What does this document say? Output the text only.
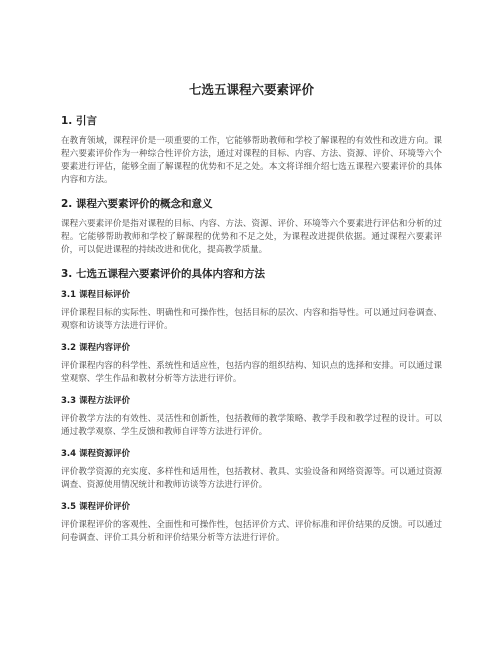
七选五课程六要素评价
1. 引言

在教育领域，课程评价是一项重要的工作，它能够帮助教师和学校了解课程的有效性和改进方向。课程六要素评价作为一种综合性评价方法，通过对课程的目标、内容、方法、资源、评价、环境等六个要素进行评估，能够全面了解课程的优势和不足之处。本文将详细介绍七选五课程六要素评价的具体内容和方法。

2. 课程六要素评价的概念和意义

课程六要素评价是指对课程的目标、内容、方法、资源、评价、环境等六个要素进行评估和分析的过程。它能够帮助教师和学校了解课程的优势和不足之处，为课程改进提供依据。通过课程六要素评价，可以促进课程的持续改进和优化，提高教学质量。

3. 七选五课程六要素评价的具体内容和方法
3.1 课程目标评价

评价课程目标的实际性、明确性和可操作性，包括目标的层次、内容和指导性。可以通过问卷调查、观察和访谈等方法进行评价。

3.2 课程内容评价

评价课程内容的科学性、系统性和适应性，包括内容的组织结构、知识点的选择和安排。可以通过课堂观察、学生作品和教材分析等方法进行评价。

3.3 课程方法评价

评价教学方法的有效性、灵活性和创新性，包括教师的教学策略、教学手段和教学过程的设计。可以通过教学观察、学生反馈和教师自评等方法进行评价。

3.4 课程资源评价

评价教学资源的充实度、多样性和适用性，包括教材、教具、实验设备和网络资源等。可以通过资源调查、资源使用情况统计和教师访谈等方法进行评价。

3.5 课程评价评价

评价课程评价的客观性、全面性和可操作性，包括评价方式、评价标准和评价结果的反馈。可以通过问卷调查、评价工具分析和评价结果分析等方法进行评价。
